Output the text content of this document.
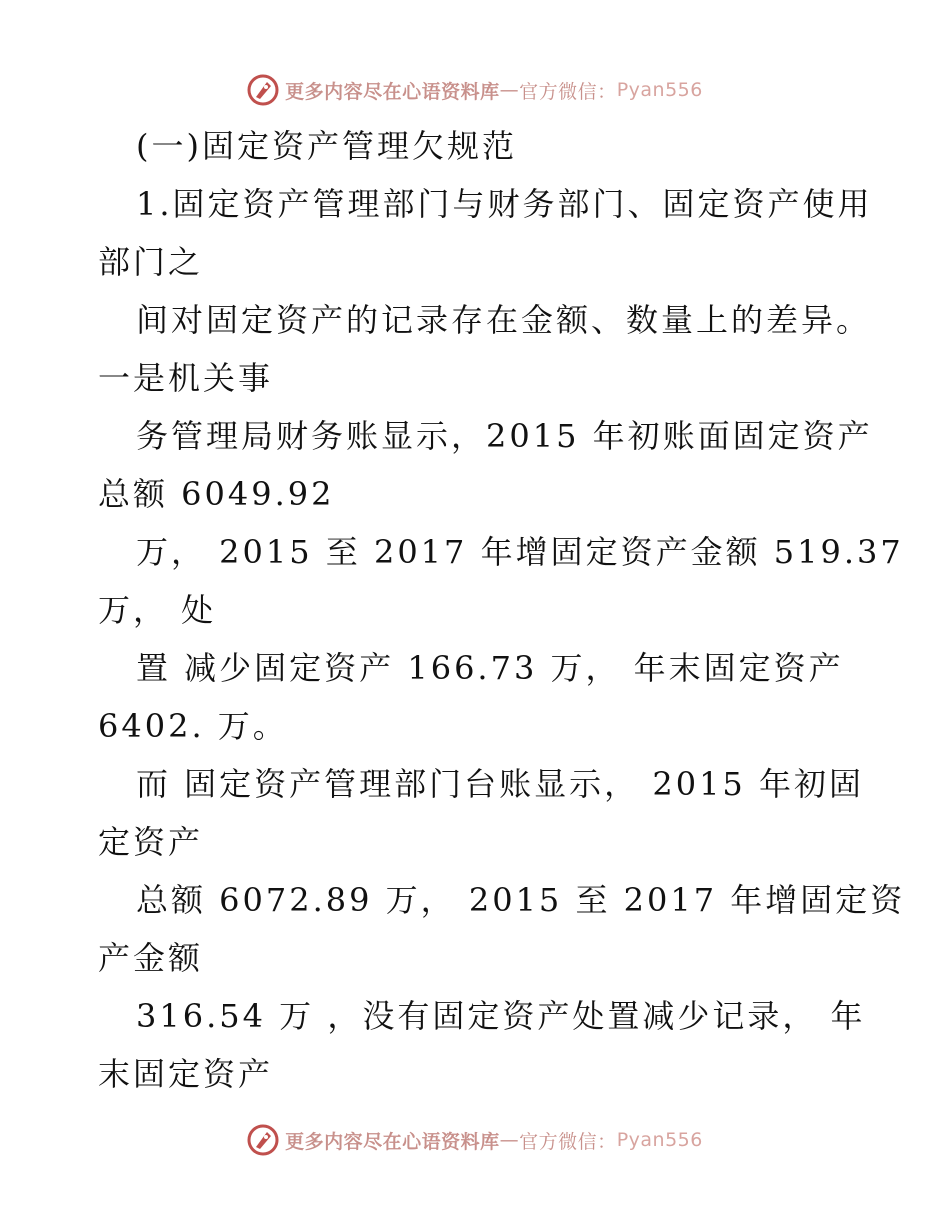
更多内容尽在心语资料库 — 官方微信： Pyan556
(一)固定资产管理欠规范
1.固定资产管理部门与财务部门、固定资产使用
部门之
间对固定资产的记录存在金额、数量上的差异。
一是机关事
务管理局财务账显示，2015 年初账面固定资产
总额 6049.92
万， 2015 至 2017 年增固定资产金额 519.37
万， 处
置 减少固定资产 166.73 万， 年末固定资产
6402. 万。
而 固定资产管理部门台账显示， 2015 年初固
定资产
总额 6072.89 万， 2015 至 2017 年增固定资
产金额
316.54 万 ，没有固定资产处置减少记录， 年
末固定资产
更多内容尽在心语资料库 — 官方微信： Pyan556
